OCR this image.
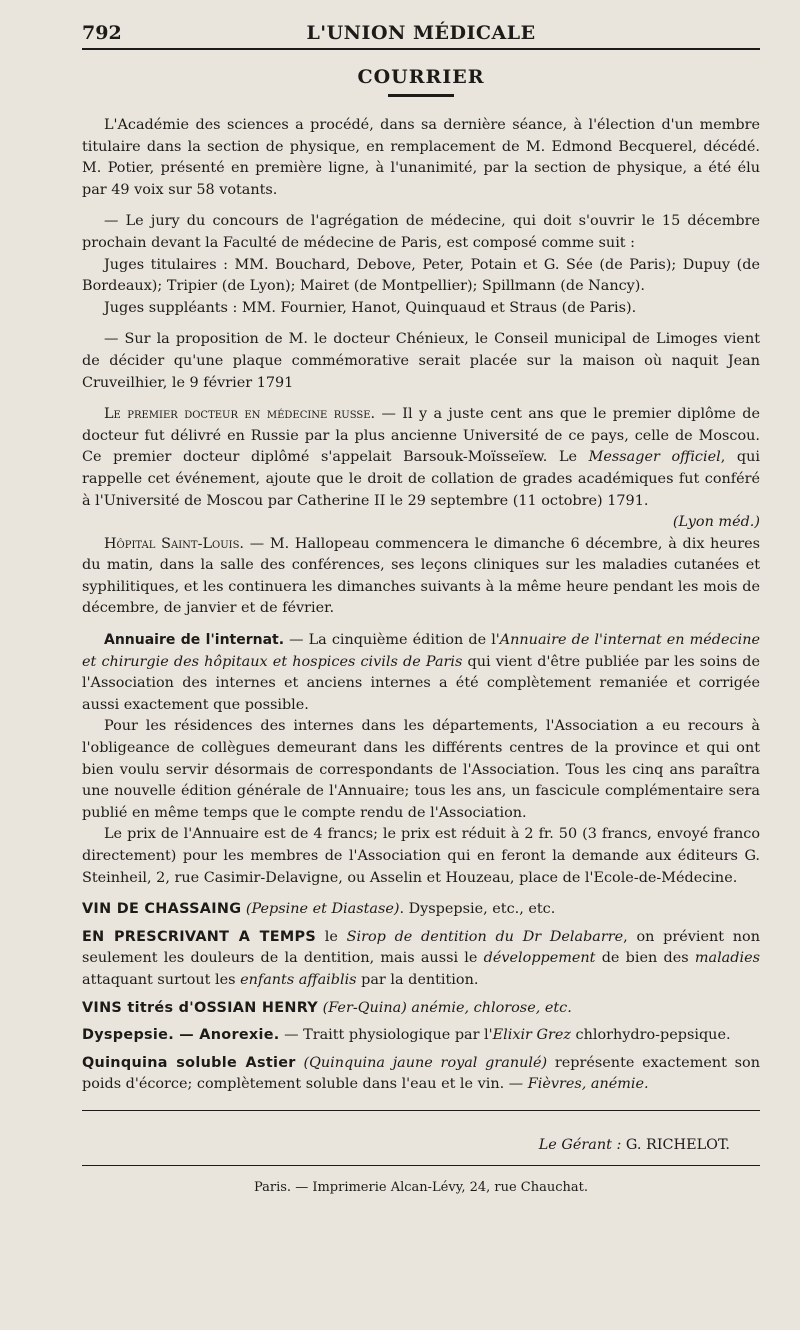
792	L'UNION MÉDICALE
COURRIER

L'Académie des sciences a procédé, dans sa dernière séance, à l'élection d'un membre titulaire dans la section de physique, en remplacement de M. Edmond Becquerel, décédé. M. Potier, présenté en première ligne, à l'unanimité, par la section de physique, a été élu par 49 voix sur 58 votants.

— Le jury du concours de l'agrégation de médecine, qui doit s'ouvrir le 15 décembre prochain devant la Faculté de médecine de Paris, est composé comme suit :

Juges titulaires : MM. Bouchard, Debove, Peter, Potain et G. Sée (de Paris); Dupuy (de Bordeaux); Tripier (de Lyon); Mairet (de Montpellier); Spillmann (de Nancy).

Juges suppléants : MM. Fournier, Hanot, Quinquaud et Straus (de Paris).

— Sur la proposition de M. le docteur Chénieux, le Conseil municipal de Limoges vient de décider qu'une plaque commémorative serait placée sur la maison où naquit Jean Cruveilhier, le 9 février 1791

Le premier docteur en médecine russe. — Il y a juste cent ans que le premier diplôme de docteur fut délivré en Russie par la plus ancienne Université de ce pays, celle de Moscou. Ce premier docteur diplômé s'appelait Barsouk-Moïsseïew. Le Messager officiel, qui rappelle cet événement, ajoute que le droit de collation de grades académiques fut conféré à l'Université de Moscou par Catherine II le 29 septembre (11 octobre) 1791.

(Lyon méd.)

Hôpital Saint-Louis. — M. Hallopeau commencera le dimanche 6 décembre, à dix heures du matin, dans la salle des conférences, ses leçons cliniques sur les maladies cutanées et syphilitiques, et les continuera les dimanches suivants à la même heure pendant les mois de décembre, de janvier et de février.

Annuaire de l'internat. — La cinquième édition de l'Annuaire de l'internat en médecine et chirurgie des hôpitaux et hospices civils de Paris qui vient d'être publiée par les soins de l'Association des internes et anciens internes a été complètement remaniée et corrigée aussi exactement que possible.

Pour les résidences des internes dans les départements, l'Association a eu recours à l'obligeance de collègues demeurant dans les différents centres de la province et qui ont bien voulu servir désormais de correspondants de l'Association. Tous les cinq ans paraîtra une nouvelle édition générale de l'Annuaire; tous les ans, un fascicule complémentaire sera publié en même temps que le compte rendu de l'Association.

Le prix de l'Annuaire est de 4 francs; le prix est réduit à 2 fr. 50 (3 francs, envoyé franco directement) pour les membres de l'Association qui en feront la demande aux éditeurs G. Steinheil, 2, rue Casimir-Delavigne, ou Asselin et Houzeau, place de l'Ecole-de-Médecine.

VIN DE CHASSAING (Pepsine et Diastase). Dyspepsie, etc., etc.

EN PRESCRIVANT A TEMPS le Sirop de dentition du Dr Delabarre, on prévient non seulement les douleurs de la dentition, mais aussi le développement de bien des maladies attaquant surtout les enfants affaiblis par la dentition.

VINS titrés d'OSSIAN HENRY (Fer-Quina) anémie, chlorose, etc.

Dyspepsie. — Anorexie. — Traitt physiologique par l'Elixir Grez chlorhydro-pepsique.

Quinquina soluble Astier (Quinquina jaune royal granulé) représente exactement son poids d'écorce; complètement soluble dans l'eau et le vin. — Fièvres, anémie.

Le Gérant : G. RICHELOT.
Paris. — Imprimerie Alcan-Lévy, 24, rue Chauchat.
